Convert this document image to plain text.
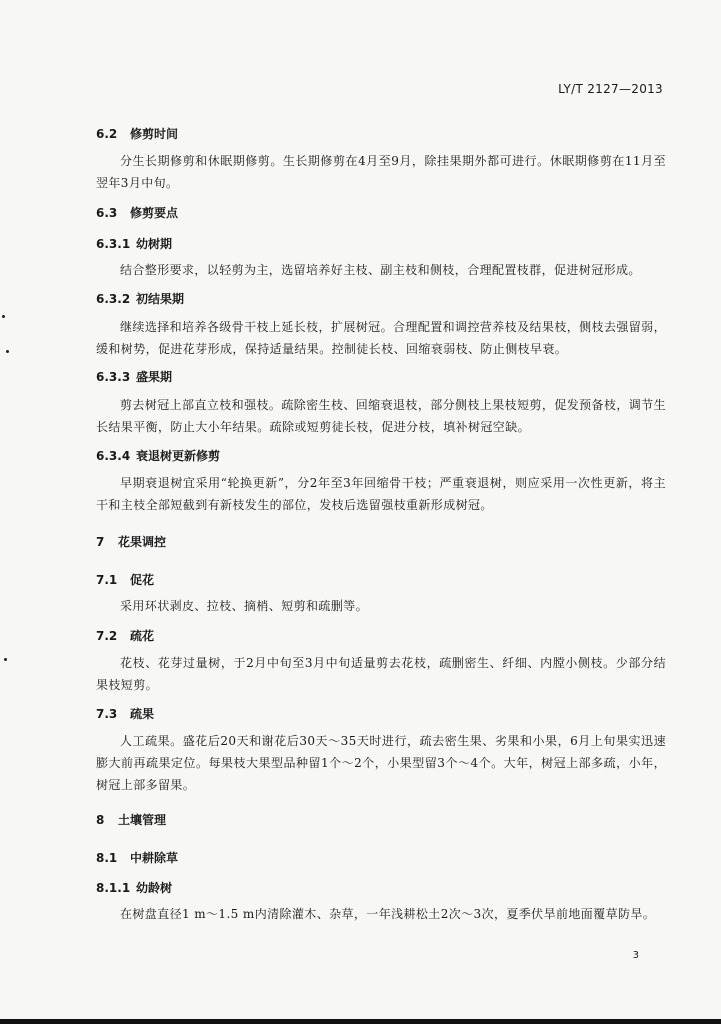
LY/T 2127—2013
6.2 修剪时间
分生长期修剪和休眠期修剪。生长期修剪在4月至9月，除挂果期外都可进行。休眠期修剪在11月至翌年3月中旬。
6.3 修剪要点
6.3.1 幼树期
结合整形要求，以轻剪为主，选留培养好主枝、副主枝和侧枝，合理配置枝群，促进树冠形成。
6.3.2 初结果期
继续选择和培养各级骨干枝上延长枝，扩展树冠。合理配置和调控营养枝及结果枝，侧枝去强留弱，缓和树势，促进花芽形成，保持适量结果。控制徒长枝、回缩衰弱枝、防止侧枝早衰。
6.3.3 盛果期
剪去树冠上部直立枝和强枝。疏除密生枝、回缩衰退枝，部分侧枝上果枝短剪，促发预备枝，调节生长结果平衡，防止大小年结果。疏除或短剪徒长枝，促进分枝，填补树冠空缺。
6.3.4 衰退树更新修剪
早期衰退树宜采用“轮换更新”，分2年至3年回缩骨干枝；严重衰退树，则应采用一次性更新，将主干和主枝全部短截到有新枝发生的部位，发枝后选留强枝重新形成树冠。
7 花果调控
7.1 促花
采用环状剥皮、拉枝、摘梢、短剪和疏删等。
7.2 疏花
花枝、花芽过量树，于2月中旬至3月中旬适量剪去花枝，疏删密生、纤细、内膛小侧枝。少部分结果枝短剪。
7.3 疏果
人工疏果。盛花后20天和谢花后30天～35天时进行，疏去密生果、劣果和小果，6月上旬果实迅速膨大前再疏果定位。每果枝大果型品种留1个～2个，小果型留3个～4个。大年，树冠上部多疏，小年，树冠上部多留果。
8 土壤管理
8.1 中耕除草
8.1.1 幼龄树
在树盘直径1 m～1.5 m内清除灌木、杂草，一年浅耕松土2次～3次，夏季伏旱前地面覆草防旱。
3
